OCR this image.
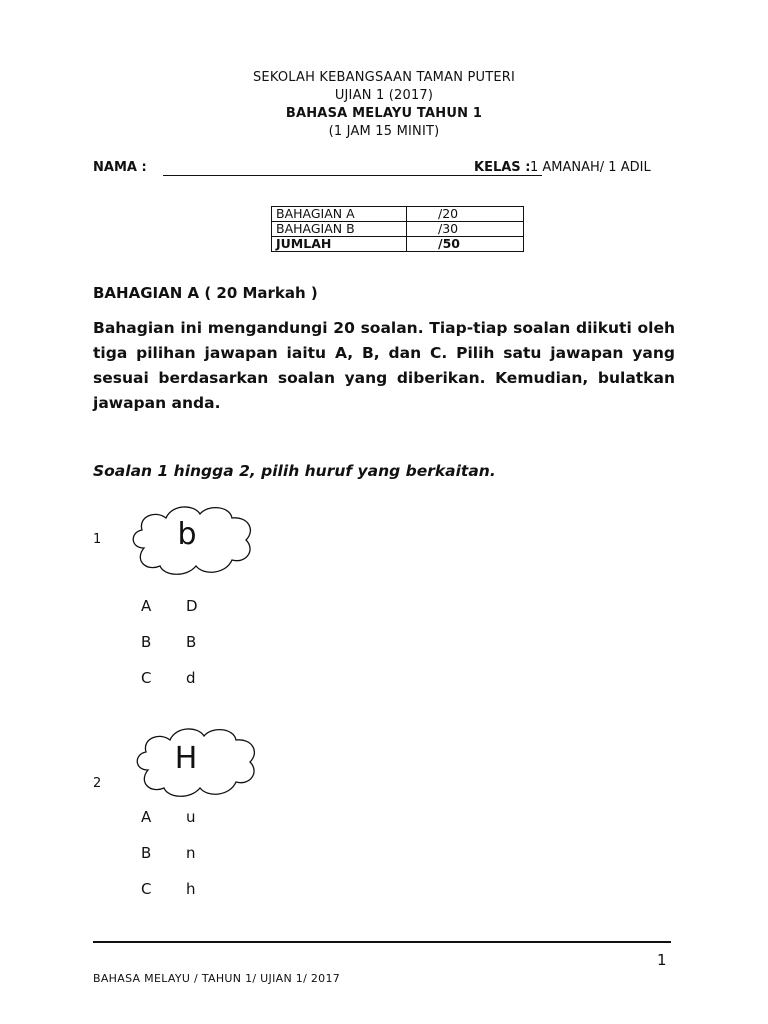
SEKOLAH KEBANGSAAN TAMAN PUTERI
UJIAN 1 (2017)
BAHASA MELAYU TAHUN 1
(1 JAM 15 MINIT)
NAMA :	KELAS : 1 AMANAH/ 1 ADIL
BAHAGIAN A	/20
BAHAGIAN B	/30
JUMLAH	/50
BAHAGIAN A ( 20 Markah )
Bahagian ini mengandungi 20 soalan. Tiap-tiap soalan diikuti oleh tiga pilihan jawapan iaitu A, B, dan C. Pilih satu jawapan yang sesuai berdasarkan soalan yang diberikan. Kemudian, bulatkan jawapan anda.
Soalan 1 hingga 2, pilih huruf yang berkaitan.
1	b
A D
B B
C d
2
H
A u
B n
C h
1
BAHASA MELAYU / TAHUN 1/ UJIAN 1/ 2017
